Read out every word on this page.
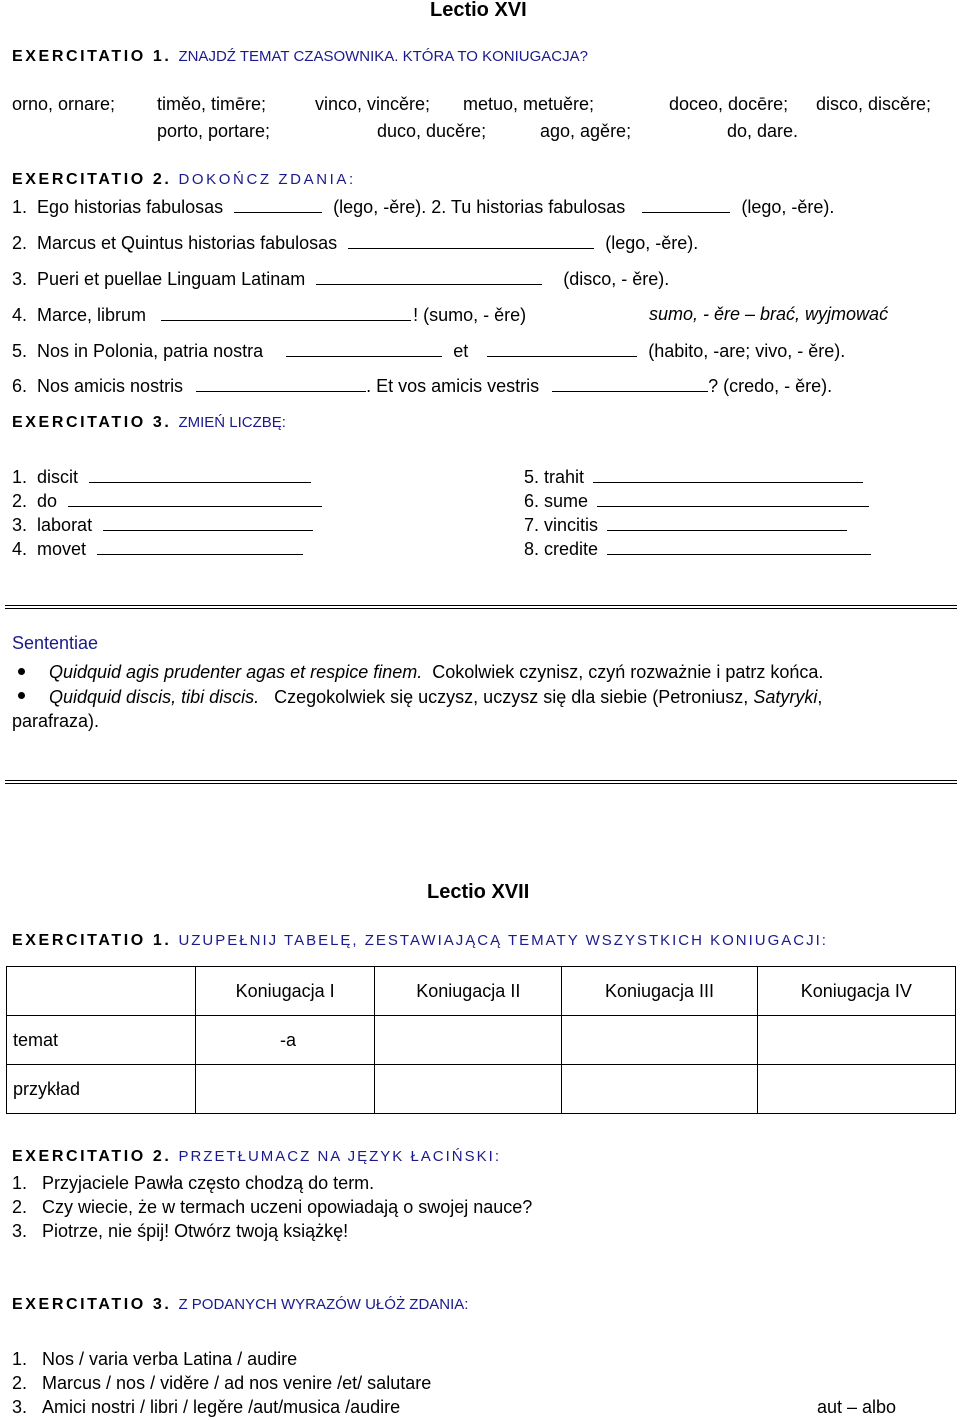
Lectio XVI
EXERCITATIO 1. ZNAJDŹ TEMAT CZASOWNIKA. KTÓRA TO KONIUGACJA?
orno, ornare; timěo, timēre;	vinco, vincěre; metuo, metuěre;	doceo, docēre; disco, discěre;
porto, portare;	duco, ducěre;	ago, agěre;	do, dare.
EXERCITATIO 2. DOKOŃCZ ZDANIA:
1. Ego historias fabulosas	(lego, -ěre). 2. Tu historias fabulosas	(lego, -ěre).
2. Marcus et Quintus historias fabulosas	(lego, -ěre).
3. Pueri et puellae Linguam Latinam	(disco, - ěre).
4. Marce, librum	! (sumo, - ěre)	sumo, - ěre – brać, wyjmować
5. Nos in Polonia, patria nostra	et	(habito, -are; vivo, - ěre).
6. Nos amicis nostris	. Et vos amicis vestris	? (credo, - ěre).
EXERCITATIO 3. ZMIEŃ LICZBĘ:
1. discit
2. do
3. laborat
4. movet
5. trahit
6. sume
7. vincitis
8. credite
Sententiae
Quidquid agis prudenter agas et respice finem. Cokolwiek czynisz, czyń rozważnie i patrz końca.
Quidquid discis, tibi discis. Czegokolwiek się uczysz, uczysz się dla siebie (Petroniusz, Satyryki,
parafraza).
Lectio XVII
EXERCITATIO 1. UZUPEŁNIJ TABELĘ, ZESTAWIAJĄCĄ TEMATY WSZYSTKICH KONIUGACJI:
	Koniugacja I	Koniugacja II	Koniugacja III	Koniugacja IV
temat	-a			
przykład				
EXERCITATIO 2. PRZETŁUMACZ NA JĘZYK ŁACIŃSKI:
1. Przyjaciele Pawła często chodzą do term.
2. Czy wiecie, że w termach uczeni opowiadają o swojej nauce?
3. Piotrze, nie śpij! Otwórz twoją książkę!
EXERCITATIO 3. Z PODANYCH WYRAZÓW UŁÓŻ ZDANIA:
1. Nos / varia verba Latina / audire
2. Marcus / nos / viděre / ad nos venire /et/ salutare
3. Amici nostri / libri / legěre /aut/musica /audire	aut – albo
